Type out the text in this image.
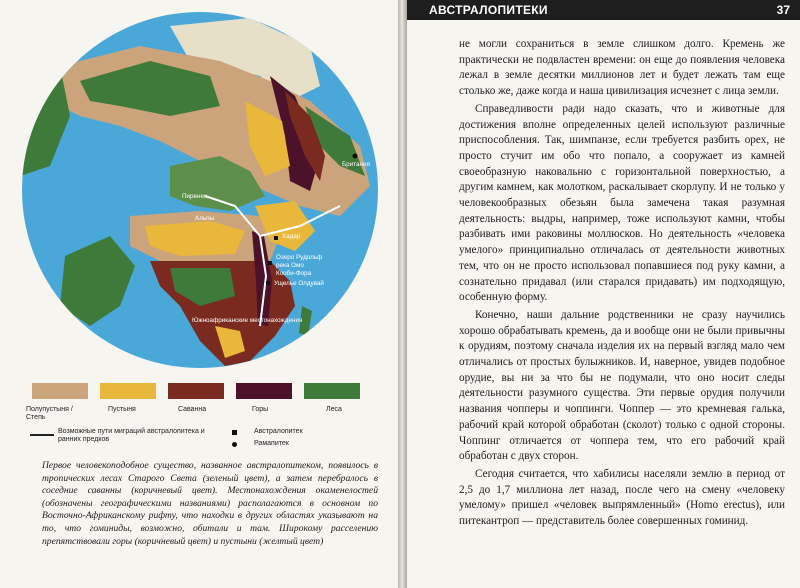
Британия
Пиренеи
Альпы
Хадар
Озеро Рудольф
река Омо
Кооби-Фора
Ущелье Олдувай
Южноафриканские местонахождения
Полупустыня / Степь
Пустыня	Саванна	Горы	Леса
Возможные пути миграций австралопитека и ранних предков
Австралопитек
Рамапитек
Первое человекоподобное существо, названное австралопитеком, появилось в тропических лесах Старого Света (зеленый цвет), а затем перебралось в соседние саванны (коричневый цвет). Местонахождения окаменелостей (обозначены географическими названиями) располагаются в основном по Восточно-Африканскому рифту, что находки в других областях указывают на то, что гоминиды, возможно, обитали и там. Широкому расселению препятствовали горы (коричневый цвет) и пустыни (желтый цвет)
АВСТРАЛОПИТЕКИ	37

не могли сохраниться в земле слишком долго. Кремень же практически не подвластен времени: он еще до появления человека лежал в земле десятки миллионов лет и будет лежать там еще столько же, даже когда и наша цивилизация исчезнет с лица земли.

Справедливости ради надо сказать, что и животные для достижения вполне определенных целей используют различные приспособления. Так, шимпанзе, если требуется разбить орех, не просто стучит им обо что попало, а сооружает из камней своеобразную наковальню с горизонтальной поверхностью, а другим камнем, как молотком, раскалывает скорлупу. И не только у человекообразных обезьян была замечена такая разумная деятельность: выдры, например, тоже используют камни, чтобы разбивать ими раковины моллюсков. Но деятельность «человека умелого» принципиально отличалась от деятельности животных тем, что он не просто использовал попавшиеся под руку камни, а сознательно придавал (или старался придавать) им подходящую, особенную форму.

Конечно, наши дальние родственники не сразу научились хорошо обрабатывать кремень, да и вообще они не были привычны к орудиям, поэтому сначала изделия их на первый взгляд мало чем отличались от простых булыжников. И, наверное, увидев подобное орудие, вы ни за что бы не подумали, что оно носит следы деятельности разумного существа. Эти первые орудия получили названия чопперы и чоппинги. Чоппер — это кремневая галька, рабочий край которой обработан (сколот) только с одной стороны. Чоппинг отличается от чоппера тем, что его рабочий край обработан с двух сторон.

Сегодня считается, что хабилисы населяли землю в период от 2,5 до 1,7 миллиона лет назад, после чего на смену «человеку умелому» пришел «человек выпрямленный» (Homo erectus), или питекантроп — представитель более совершенных гоминид.
